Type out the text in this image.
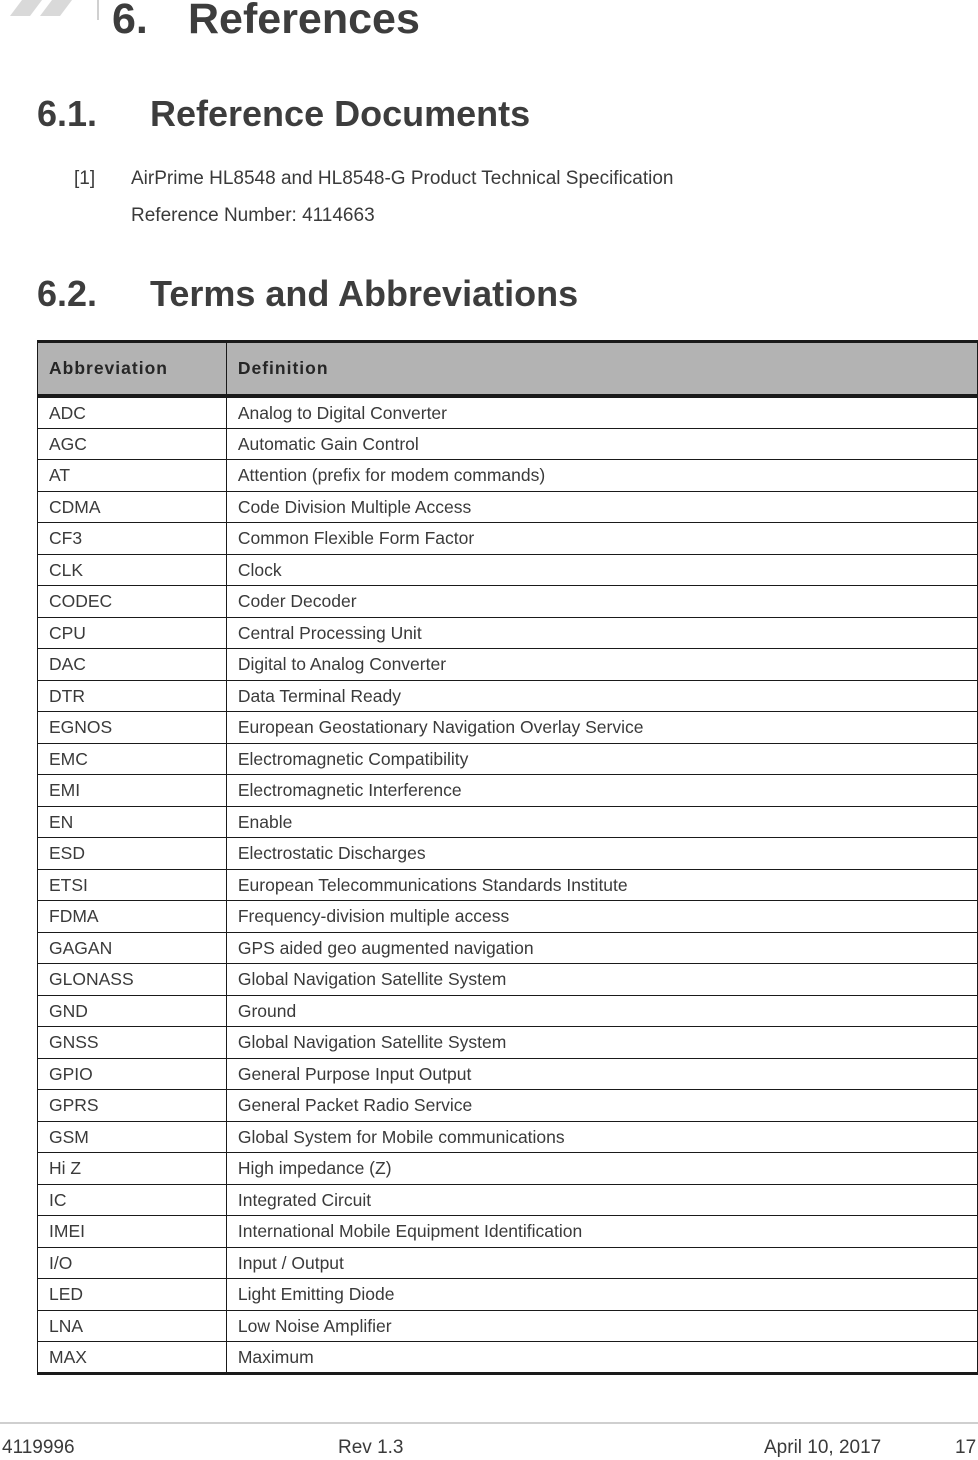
6. References
6.1. Reference Documents
[1] AirPrime HL8548 and HL8548-G Product Technical Specification
Reference Number: 4114663
6.2. Terms and Abbreviations
Abbreviation	Definition
ADC	Analog to Digital Converter
AGC	Automatic Gain Control
AT	Attention (prefix for modem commands)
CDMA	Code Division Multiple Access
CF3	Common Flexible Form Factor
CLK	Clock
CODEC	Coder Decoder
CPU	Central Processing Unit
DAC	Digital to Analog Converter
DTR	Data Terminal Ready
EGNOS	European Geostationary Navigation Overlay Service
EMC	Electromagnetic Compatibility
EMI	Electromagnetic Interference
EN	Enable
ESD	Electrostatic Discharges
ETSI	European Telecommunications Standards Institute
FDMA	Frequency-division multiple access
GAGAN	GPS aided geo augmented navigation
GLONASS	Global Navigation Satellite System
GND	Ground
GNSS	Global Navigation Satellite System
GPIO	General Purpose Input Output
GPRS	General Packet Radio Service
GSM	Global System for Mobile communications
Hi Z	High impedance (Z)
IC	Integrated Circuit
IMEI	International Mobile Equipment Identification
I/O	Input / Output
LED	Light Emitting Diode
LNA	Low Noise Amplifier
MAX	Maximum
4119996	Rev 1.3	April 10, 2017	17
